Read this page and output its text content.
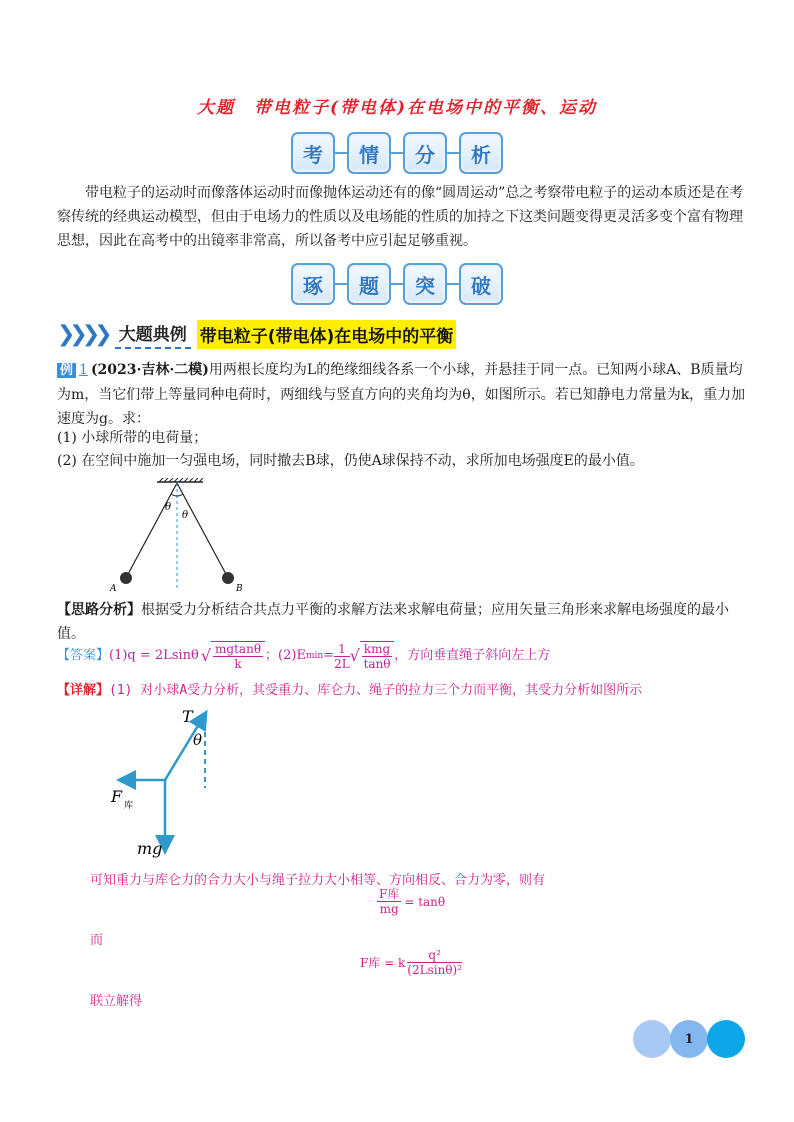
大题　带电粒子(带电体)在电场中的平衡、运动
考	情	分	析
带电粒子的运动时而像落体运动时而像抛体运动还有的像“圆周运动”总之考察带电粒子的运动本质还是在考察传统的经典运动模型，但由于电场力的性质以及电场能的性质的加持之下这类问题变得更灵活多变个富有物理思想，因此在高考中的出镜率非常高，所以备考中应引起足够重视。
琢	题	突	破
❯❯❯❯ 大题典例 带电粒子(带电体)在电场中的平衡
例 1 (2023·吉林·二模)用两根长度均为L的绝缘细线各系一个小球，并悬挂于同一点。已知两小球A、B质量均为m，当它们带上等量同种电荷时，两细线与竖直方向的夹角均为θ，如图所示。若已知静电力常量为k，重力加速度为g。求：
(1) 小球所带的电荷量；
(2) 在空间中施加一匀强电场，同时撤去B球，仍使A球保持不动，求所加电场强度E的最小值。
θ
θ
A	B
【思路分析】根据受力分析结合共点力平衡的求解方法来求解电荷量；应用矢量三角形来求解电场强度的最小值。
【答案】 (1)q = 2Lsinθ √ $\frac{mgtan\theta}{k}$ ；(2)E $\min = \frac{1}{2L}$ √ $\frac{\text{kmg}}{\tan\theta}$ ，方向垂直绳子斜向左上方
【详解】(1) 对小球A受力分析，其受重力、库仑力、绳子的拉力三个力而平衡，其受力分析如图所示
T
θ
F 库
mg
可知重力与库仑力的合力大小与绳子拉力大小相等、方向相反、合力为零，则有
$\frac{\text{F库}}{mg} = \tan\theta$
而
F库 = k $\frac{\text{q²}}{\text{(2Lsinθ)²}}$
联立解得
1
